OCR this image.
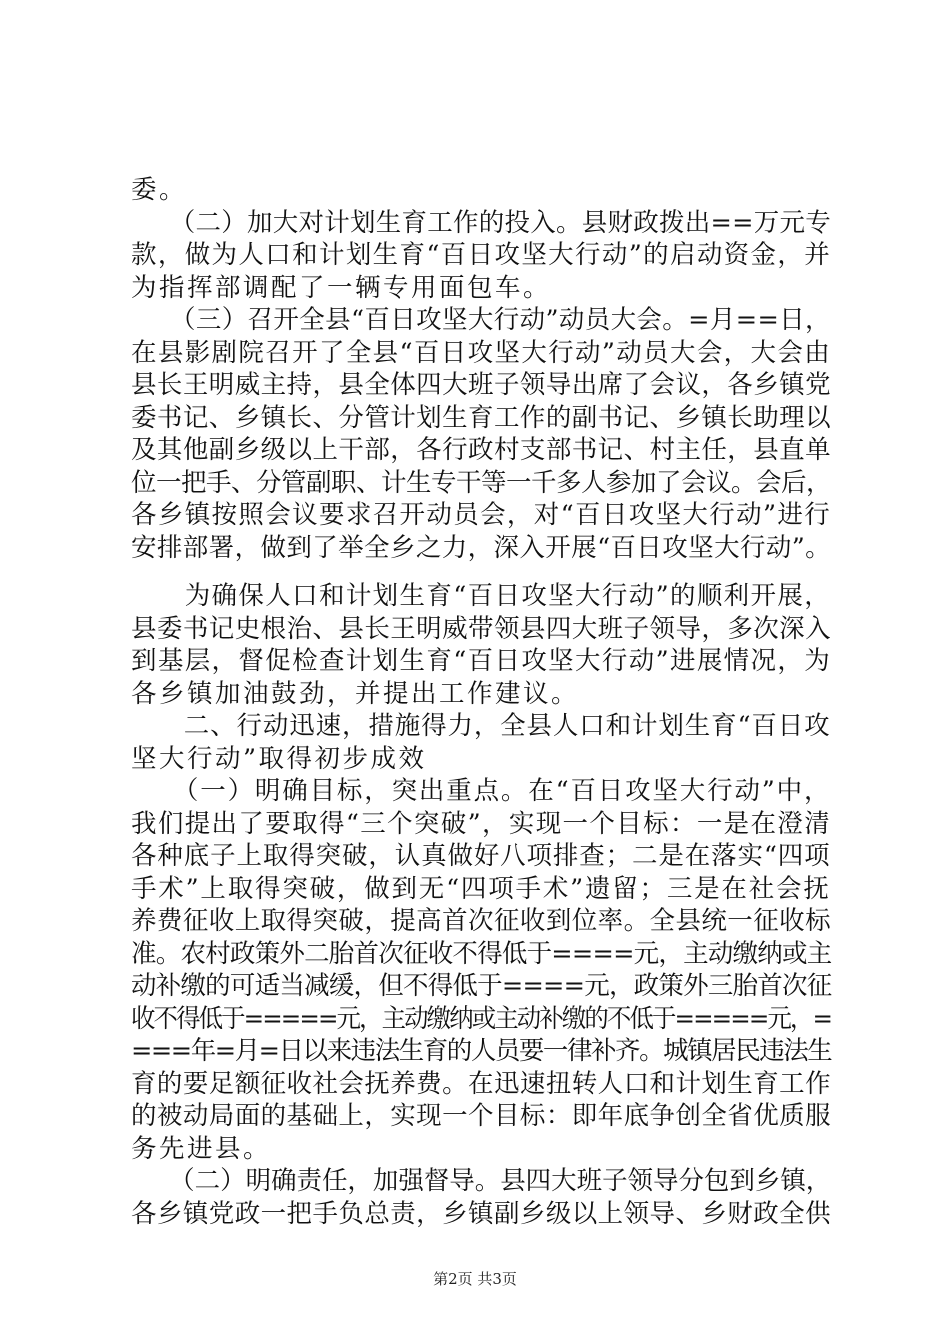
委。
　　（二）加大对计划生育工作的投入。县财政拨出==万元专
款，做为人口和计划生育“百日攻坚大行动”的启动资金，并
为指挥部调配了一辆专用面包车。
　　（三）召开全县“百日攻坚大行动”动员大会。=月==日，
在县影剧院召开了全县“百日攻坚大行动”动员大会，大会由
县长王明威主持，县全体四大班子领导出席了会议，各乡镇党
委书记、乡镇长、分管计划生育工作的副书记、乡镇长助理以
及其他副乡级以上干部，各行政村支部书记、村主任，县直单
位一把手、分管副职、计生专干等一千多人参加了会议。会后，
各乡镇按照会议要求召开动员会，对“百日攻坚大行动”进行
安排部署，做到了举全乡之力，深入开展“百日攻坚大行动”。
　　为确保人口和计划生育“百日攻坚大行动”的顺利开展，
县委书记史根治、县长王明威带领县四大班子领导，多次深入
到基层，督促检查计划生育“百日攻坚大行动”进展情况，为
各乡镇加油鼓劲，并提出工作建议。
　　二、行动迅速，措施得力，全县人口和计划生育“百日攻
坚大行动”取得初步成效
　　（一）明确目标，突出重点。在“百日攻坚大行动”中，
我们提出了要取得“三个突破”，实现一个目标：一是在澄清
各种底子上取得突破，认真做好八项排查；二是在落实“四项
手术”上取得突破，做到无“四项手术”遗留；三是在社会抚
养费征收上取得突破，提高首次征收到位率。全县统一征收标
准。农村政策外二胎首次征收不得低于====元，主动缴纳或主
动补缴的可适当减缓，但不得低于====元，政策外三胎首次征
收不得低于=====元，主动缴纳或主动补缴的不低于=====元，=
===年=月=日以来违法生育的人员要一律补齐。城镇居民违法生
育的要足额征收社会抚养费。在迅速扭转人口和计划生育工作
的被动局面的基础上，实现一个目标：即年底争创全省优质服
务先进县。
　　（二）明确责任，加强督导。县四大班子领导分包到乡镇，
各乡镇党政一把手负总责，乡镇副乡级以上领导、乡财政全供
第2页 共3页
